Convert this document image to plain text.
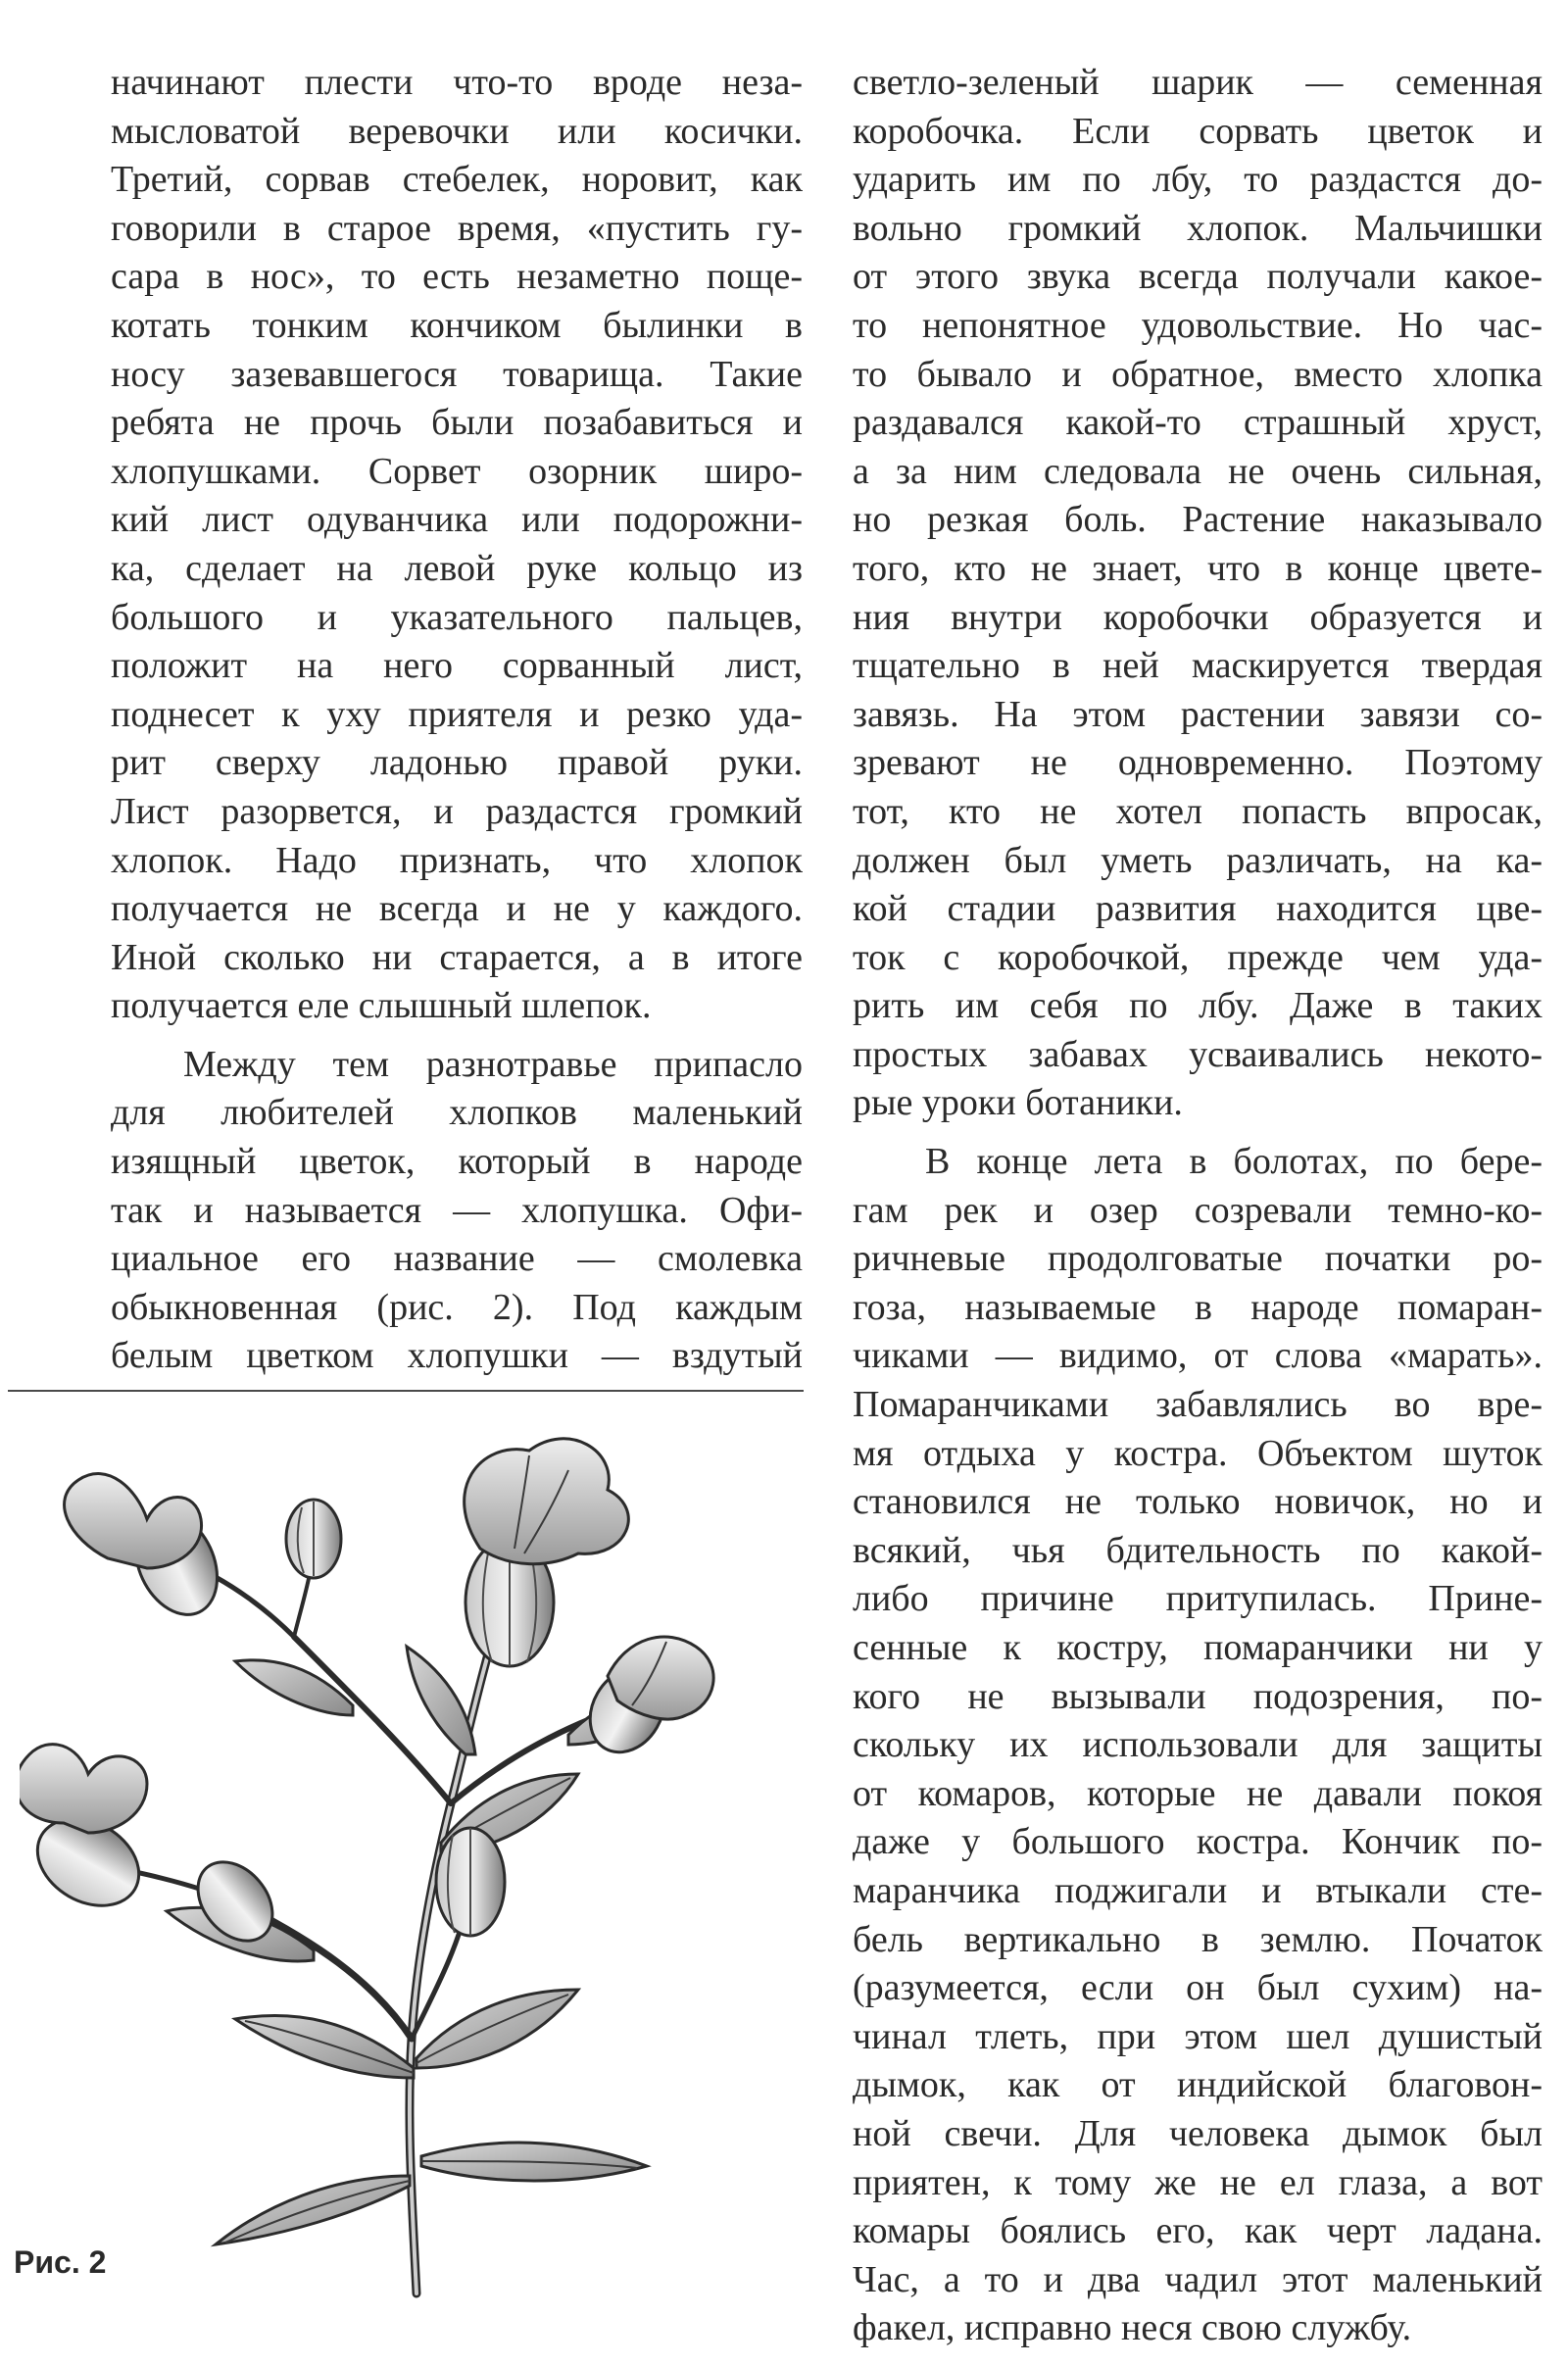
начинают плести что-то вроде неза-
мысловатой веревочки или косички.
Третий, сорвав стебелек, норовит, как
говорили в старое время, «пустить гу-
сара в нос», то есть незаметно поще-
котать тонким кончиком былинки в
носу зазевавшегося товарища. Такие
ребята не прочь были позабавиться и
хлопушками. Сорвет озорник широ-
кий лист одуванчика или подорожни-
ка, сделает на левой руке кольцо из
большого и указательного пальцев,
положит на него сорванный лист,
поднесет к уху приятеля и резко уда-
рит сверху ладонью правой руки.
Лист разорвется, и раздастся громкий
хлопок. Надо признать, что хлопок
получается не всегда и не у каждого.
Иной сколько ни старается, а в итоге
получается еле слышный шлепок.
Между тем разнотравье припасло
для любителей хлопков маленький
изящный цветок, который в народе
так и называется — хлопушка. Офи-
циальное его название — смолевка
обыкновенная (рис. 2). Под каждым
белым цветком хлопушки — вздутый
светло-зеленый шарик — семенная
коробочка. Если сорвать цветок и
ударить им по лбу, то раздастся до-
вольно громкий хлопок. Мальчишки
от этого звука всегда получали какое-
то непонятное удовольствие. Но час-
то бывало и обратное, вместо хлопка
раздавался какой-то страшный хруст,
а за ним следовала не очень сильная,
но резкая боль. Растение наказывало
того, кто не знает, что в конце цвете-
ния внутри коробочки образуется и
тщательно в ней маскируется твердая
завязь. На этом растении завязи со-
зревают не одновременно. Поэтому
тот, кто не хотел попасть впросак,
должен был уметь различать, на ка-
кой стадии развития находится цве-
ток с коробочкой, прежде чем уда-
рить им себя по лбу. Даже в таких
простых забавах усваивались некото-
рые уроки ботаники.
В конце лета в болотах, по бере-
гам рек и озер созревали темно-ко-
ричневые продолговатые початки ро-
гоза, называемые в народе помаран-
чиками — видимо, от слова «марать».
Помаранчиками забавлялись во вре-
мя отдыха у костра. Объектом шуток
становился не только новичок, но и
всякий, чья бдительность по какой-
либо причине притупилась. Прине-
сенные к костру, помаранчики ни у
кого не вызывали подозрения, по-
скольку их использовали для защиты
от комаров, которые не давали покоя
даже у большого костра. Кончик по-
маранчика поджигали и втыкали сте-
бель вертикально в землю. Початок
(разумеется, если он был сухим) на-
чинал тлеть, при этом шел душистый
дымок, как от индийской благовон-
ной свечи. Для человека дымок был
приятен, к тому же не ел глаза, а вот
комары боялись его, как черт ладана.
Час, а то и два чадил этот маленький
факел, исправно неся свою службу.
Рис. 2
